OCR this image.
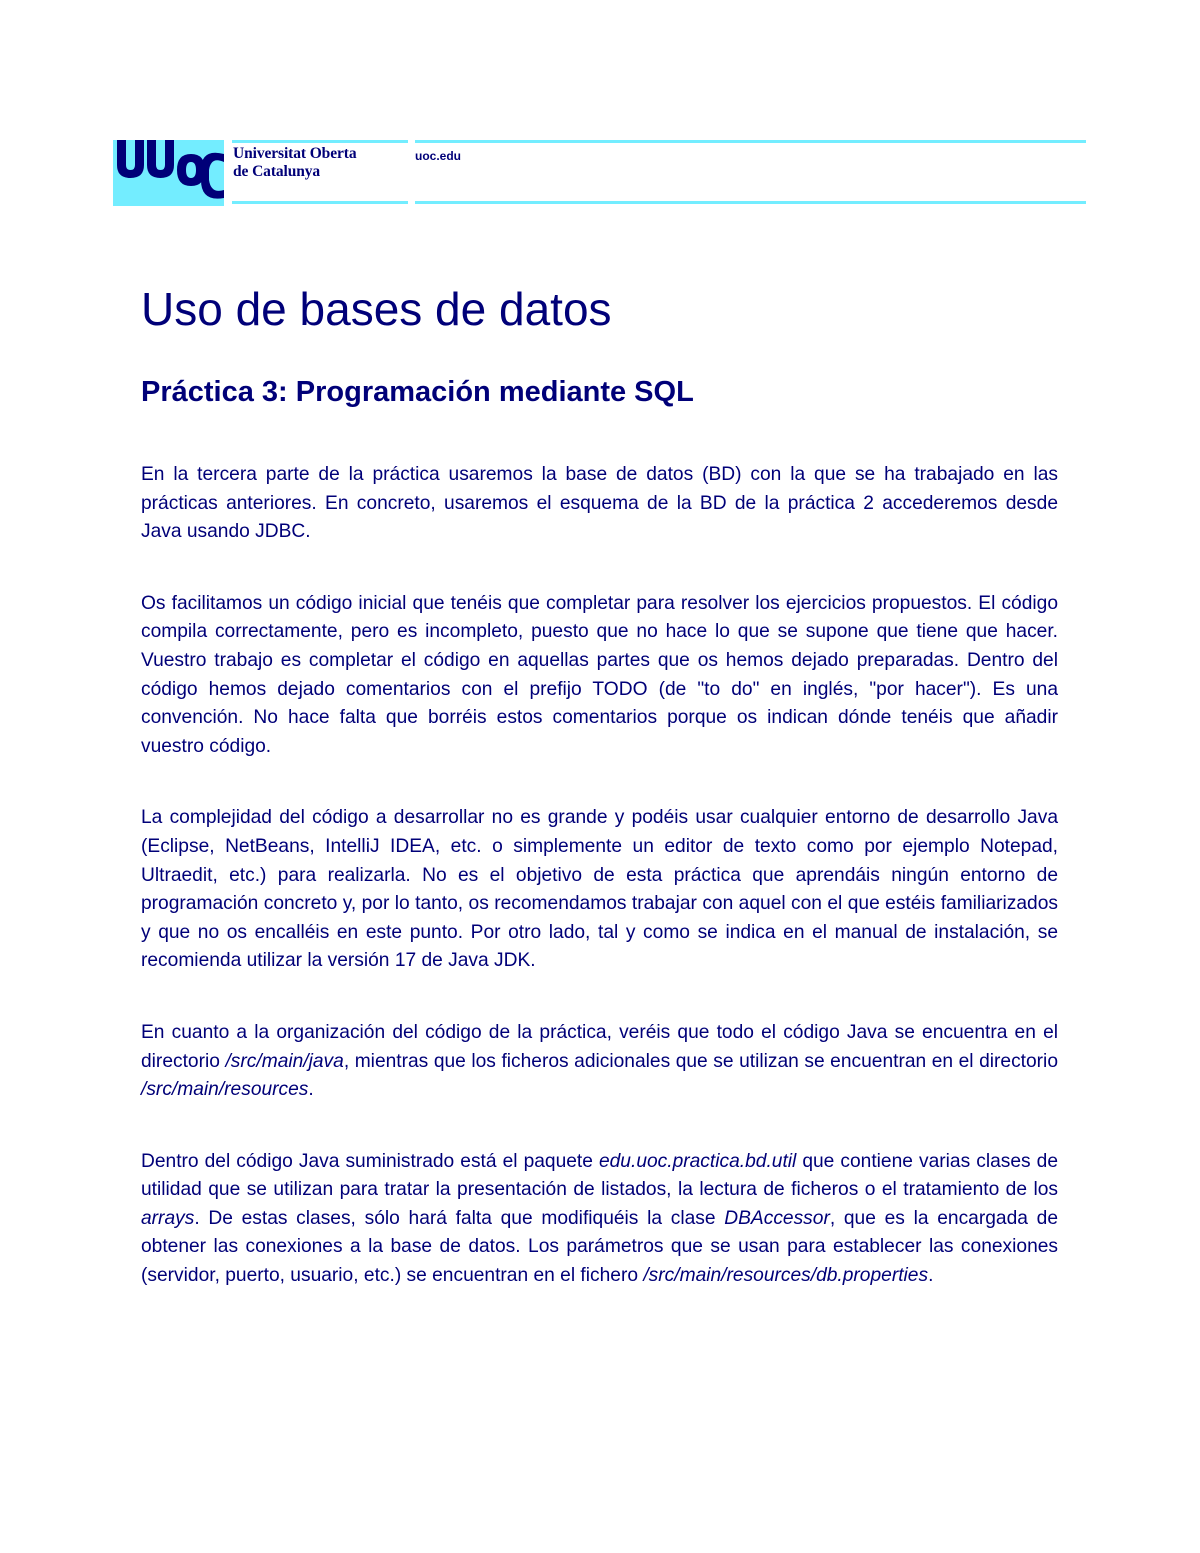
Universitat Oberta
de Catalunya
uoc.edu
Uso de bases de datos
Práctica 3: Programación mediante SQL

En la tercera parte de la práctica usaremos la base de datos (BD) con la que se ha trabajado en las prácticas anteriores. En concreto, usaremos el esquema de la BD de la práctica 2 accederemos desde Java usando JDBC.

Os facilitamos un código inicial que tenéis que completar para resolver los ejercicios propuestos. El código compila correctamente, pero es incompleto, puesto que no hace lo que se supone que tiene que hacer. Vuestro trabajo es completar el código en aquellas partes que os hemos dejado preparadas. Dentro del código hemos dejado comentarios con el prefijo TODO (de "to do" en inglés, "por hacer"). Es una convención. No hace falta que borréis estos comentarios porque os indican dónde tenéis que añadir vuestro código.

La complejidad del código a desarrollar no es grande y podéis usar cualquier entorno de desarrollo Java (Eclipse, NetBeans, IntelliJ IDEA, etc. o simplemente un editor de texto como por ejemplo Notepad, Ultraedit, etc.) para realizarla. No es el objetivo de esta práctica que aprendáis ningún entorno de programación concreto y, por lo tanto, os recomendamos trabajar con aquel con el que estéis familiarizados y que no os encalléis en este punto. Por otro lado, tal y como se indica en el manual de instalación, se recomienda utilizar la versión 17 de Java JDK.

En cuanto a la organización del código de la práctica, veréis que todo el código Java se encuentra en el directorio /src/main/java, mientras que los ficheros adicionales que se utilizan se encuentran en el directorio /src/main/resources.

Dentro del código Java suministrado está el paquete edu.uoc.practica.bd.util que contiene varias clases de utilidad que se utilizan para tratar la presentación de listados, la lectura de ficheros o el tratamiento de los arrays. De estas clases, sólo hará falta que modifiquéis la clase DBAccessor, que es la encargada de obtener las conexiones a la base de datos. Los parámetros que se usan para establecer las conexiones (servidor, puerto, usuario, etc.) se encuentran en el fichero /src/main/resources/db.properties.
